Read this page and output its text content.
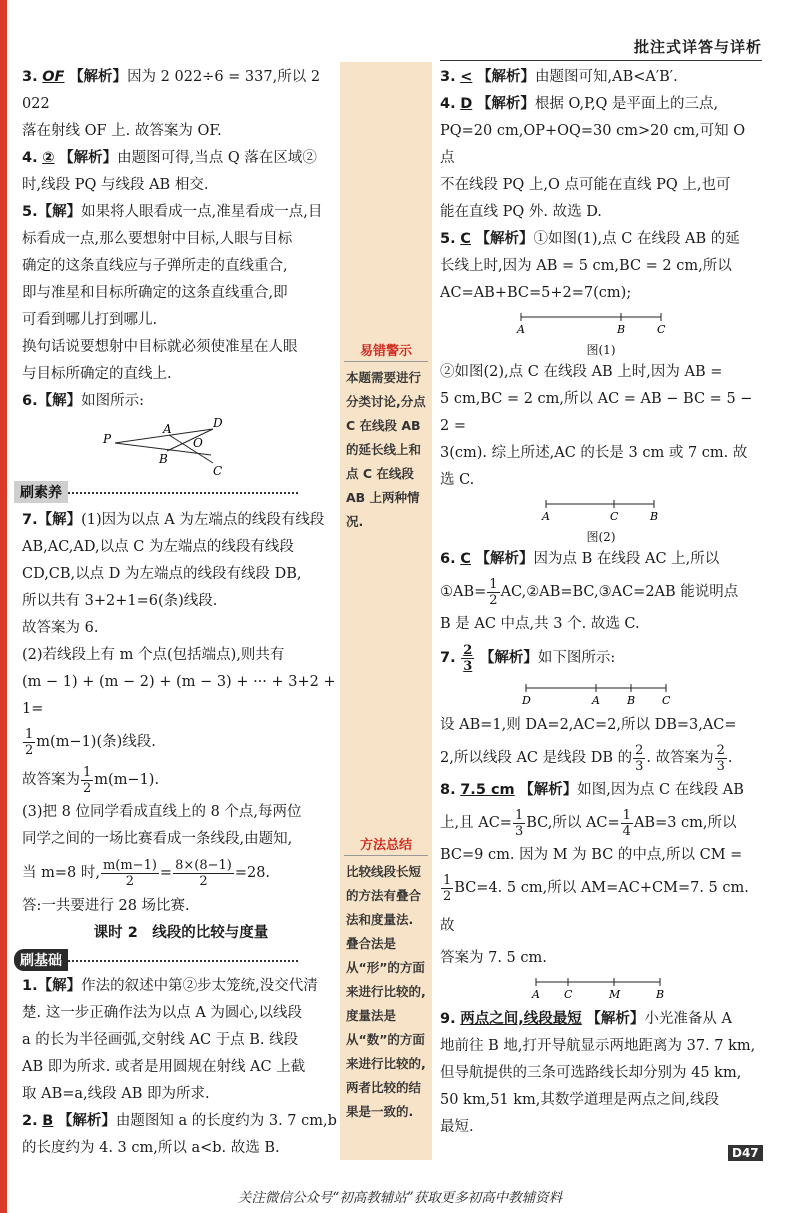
批注式详答与详析

3. OF 【解析】因为 2 022÷6 = 337,所以 2 022
落在射线 OF 上. 故答案为 OF.

4. ② 【解析】由题图可得,当点 Q 落在区域②
时,线段 PQ 与线段 AB 相交.

5.【解】如果将人眼看成一点,准星看成一点,目
标看成一点,那么要想射中目标,人眼与目标
确定的这条直线应与子弹所走的直线重合,
即与准星和目标所确定的这条直线重合,即
可看到哪儿打到哪儿.
换句话说要想射中目标就必须使准星在人眼
与目标所确定的直线上.

6.【解】如图所示:

P
A	D
O
B
C
刷素养

7.【解】(1)因为以点 A 为左端点的线段有线段
AB,AC,AD,以点 C 为左端点的线段有线段
CD,CB,以点 D 为左端点的线段有线段 DB,
所以共有 3+2+1=6(条)线段.
故答案为 6.
(2)若线段上有 m 个点(包括端点),则共有
(m − 1) + (m − 2) + (m − 3) + ··· + 3+2 + 1=

$\frac{1}{2} m(m-1)$(条)线段.

故答案为 $\frac{1}{2} m(m-1)$.

(3)把 8 位同学看成直线上的 8 个点,每两位
同学之间的一场比赛看成一条线段,由题知,

当 m=8 时, $\frac{m(m-1)}{2} = \frac{8\times(8-1)}{2} =28$.

答:一共要进行 28 场比赛.

课时 2　线段的比较与度量

刷基础

1.【解】作法的叙述中第②步太笼统,没交代清
楚. 这一步正确作法为以点 A 为圆心,以线段
a 的长为半径画弧,交射线 AC 于点 B. 线段
AB 即为所求. 或者是用圆规在射线 AC 上截
取 AB=a,线段 AB 即为所求.

2. B 【解析】由题图知 a 的长度约为 3. 7 cm,b
的长度约为 4. 3 cm,所以 a<b. 故选 B.

易错警示
本题需要进行分类讨论,分点 C 在线段 AB 的延长线上和点 C 在线段 AB 上两种情况.
方法总结
比较线段长短的方法有叠合法和度量法. 叠合法是从“形”的方面来进行比较的,度量法是从“数”的方面来进行比较的,两者比较的结果是一致的.

3. < 【解析】由题图可知,AB<A′B′.

4. D 【解析】根据 O,P,Q 是平面上的三点,
PQ=20 cm,OP+OQ=30 cm>20 cm,可知 O 点
不在线段 PQ 上,O 点可能在直线 PQ 上,也可
能在直线 PQ 外. 故选 D.

5. C 【解析】①如图(1),点 C 在线段 AB 的延
长线上时,因为 AB = 5 cm,BC = 2 cm,所以
AC=AB+BC=5+2=7(cm);

A	B	C
图(1)

②如图(2),点 C 在线段 AB 上时,因为 AB =
5 cm,BC = 2 cm,所以 AC = AB − BC = 5 − 2 =
3(cm). 综上所述,AC 的长是 3 cm 或 7 cm. 故
选 C.

A	C	B
图(2)

6. C 【解析】因为点 B 在线段 AC 上,所以

①AB= $\frac{1}{2}$ AC,②AB=BC,③AC=2AB 能说明点

B 是 AC 中点,共 3 个. 故选 C.

7. $\frac{2}{3}$ 【解析】如下图所示:

D	A B C

设 AB=1,则 DA=2,AC=2,所以 DB=3,AC=

2,所以线段 AC 是线段 DB 的 $\frac{2}{3}$ . 故答案为 $\frac{2}{3}$ .

8. 7.5 cm 【解析】如图,因为点 C 在线段 AB

上,且 $AC= \frac{1}{3}$ BC,所以 $AC= \frac{1}{4} AB=3$ cm,所以

BC=9 cm. 因为 M 为 BC 的中点,所以 CM =

$\frac{1}{2} BC=4$. 5 cm,所以 AM=AC+CM=7. 5 cm. 故

答案为 7. 5 cm.

A C	M	B

9. 两点之间,线段最短 【解析】小光准备从 A
地前往 B 地,打开导航显示两地距离为 37. 7 km,
但导航提供的三条可选路线长却分别为 45 km,
50 km,51 km,其数学道理是两点之间,线段
最短.

D47
关注微信公众号“初高教辅站”获取更多初高中教辅资料
